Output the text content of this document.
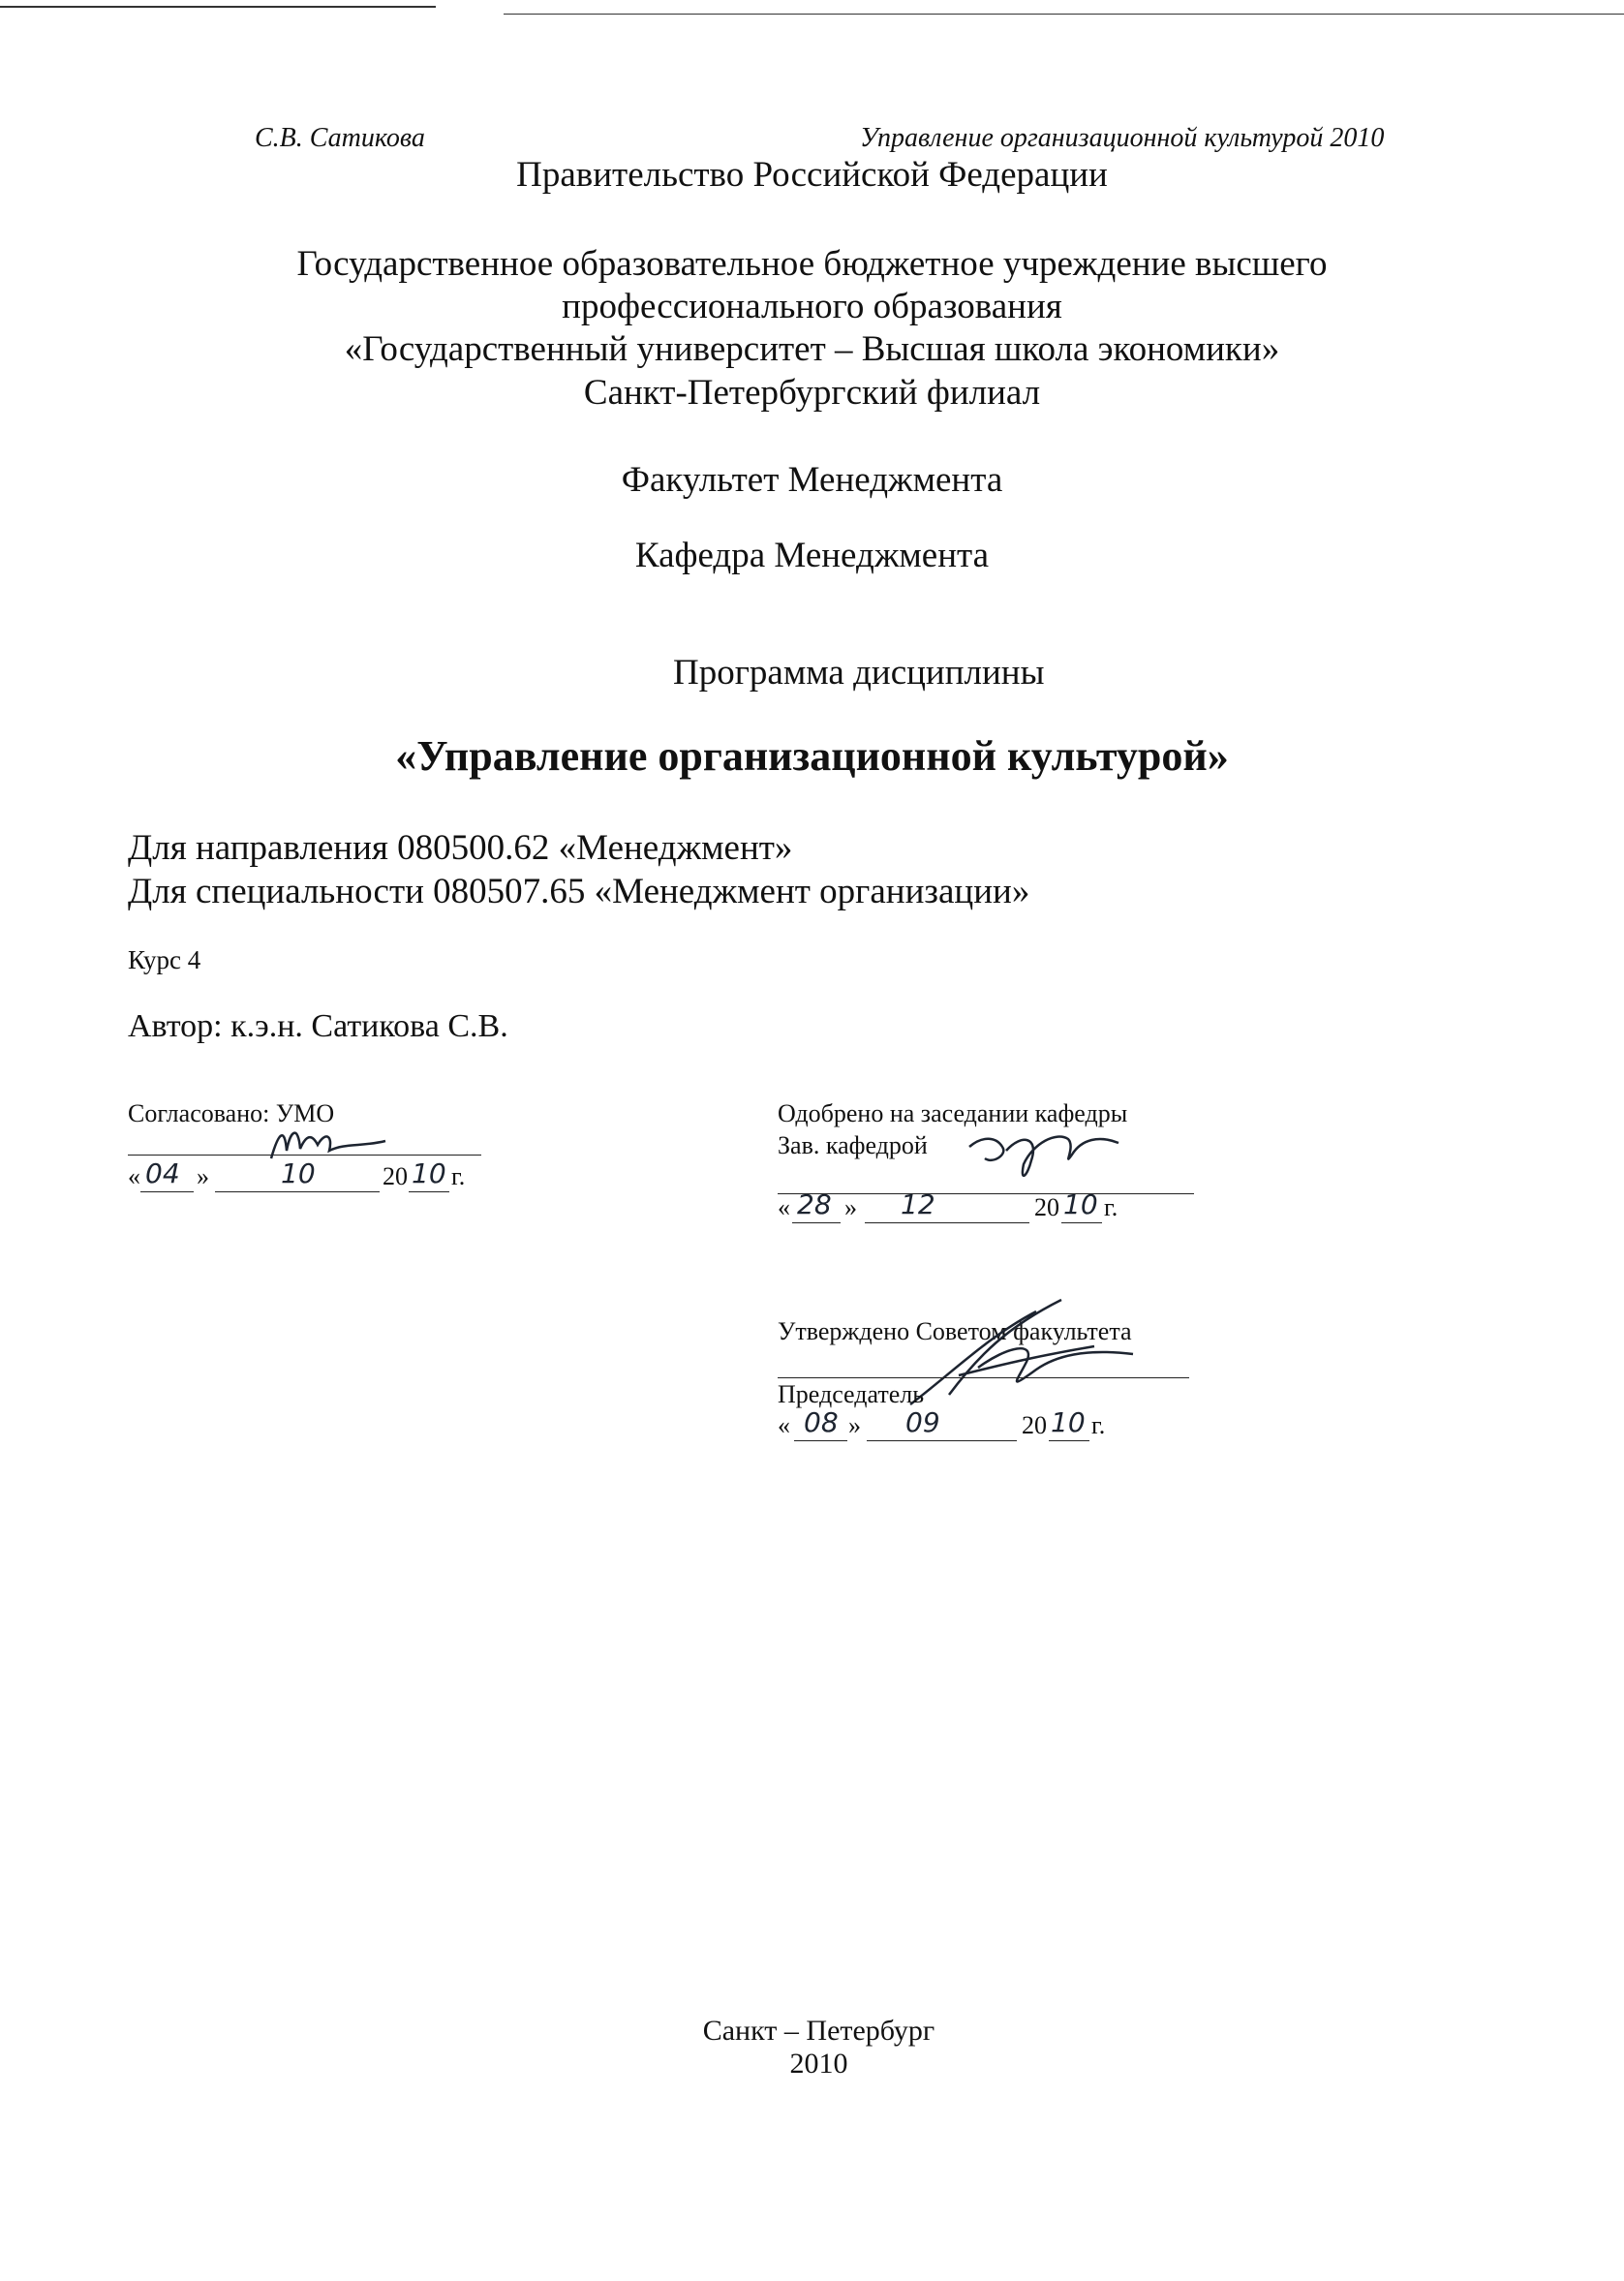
С.В. Сатикова	Управление организационной культурой 2010
Правительство Российской Федерации
Государственное образовательное бюджетное учреждение высшего
профессионального образования
«Государственный университет – Высшая школа экономики»
Санкт-Петербургский филиал
Факультет Менеджмента
Кафедра Менеджмента
Программа дисциплины
«Управление организационной культурой»
Для направления 080500.62 «Менеджмент»
Для специальности 080507.65 «Менеджмент организации»
Курс 4
Автор: к.э.н. Сатикова С.В.
Согласовано: УМО
« 04 »	10	20 10 г.
Одобрено на заседании кафедры
Зав. кафедрой
« 28 » 12	20 10 г.
Утверждено Советом факультета
Председатель
« 08 » 09	20 10 г.
Санкт – Петербург
2010
